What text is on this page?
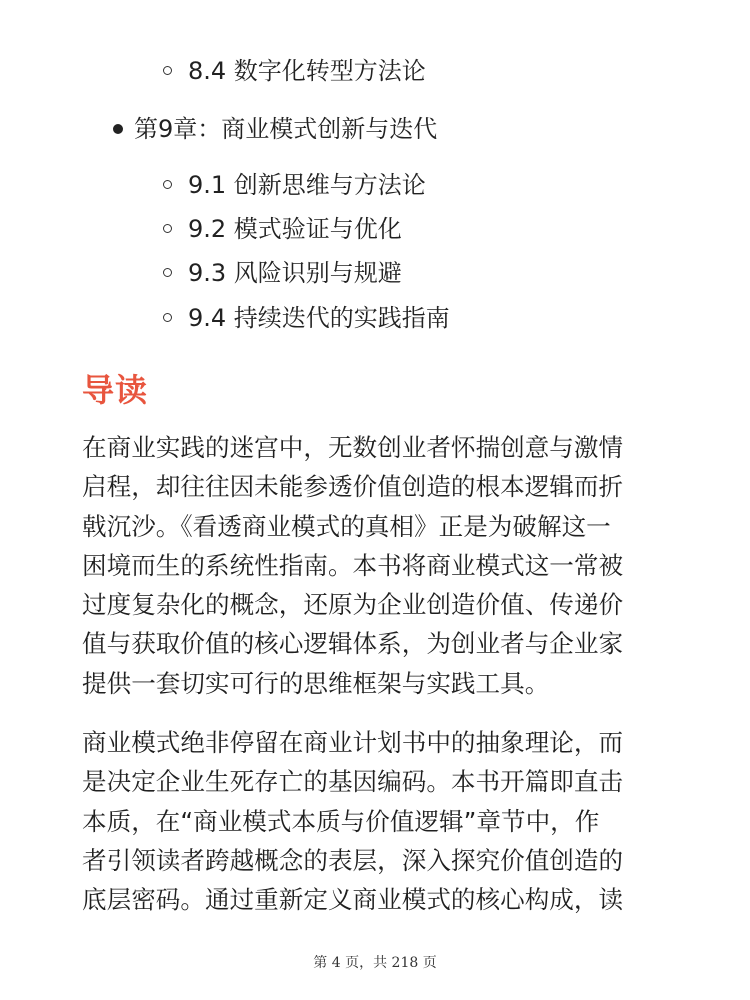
8.4 数字化转型方法论
第9章：商业模式创新与迭代
9.1 创新思维与方法论
9.2 模式验证与优化
9.3 风险识别与规避
9.4 持续迭代的实践指南
导读
在商业实践的迷宫中，无数创业者怀揣创意与激情
启程，却往往因未能参透价值创造的根本逻辑而折
戟沉沙。《看透商业模式的真相》正是为破解这一
困境而生的系统性指南。本书将商业模式这一常被
过度复杂化的概念，还原为企业创造价值、传递价
值与获取价值的核心逻辑体系，为创业者与企业家
提供一套切实可行的思维框架与实践工具。
商业模式绝非停留在商业计划书中的抽象理论，而
是决定企业生死存亡的基因编码。本书开篇即直击
本质，在“商业模式本质与价值逻辑”章节中，作
者引领读者跨越概念的表层，深入探究价值创造的
底层密码。通过重新定义商业模式的核心构成，读
第 4 页，共 218 页
